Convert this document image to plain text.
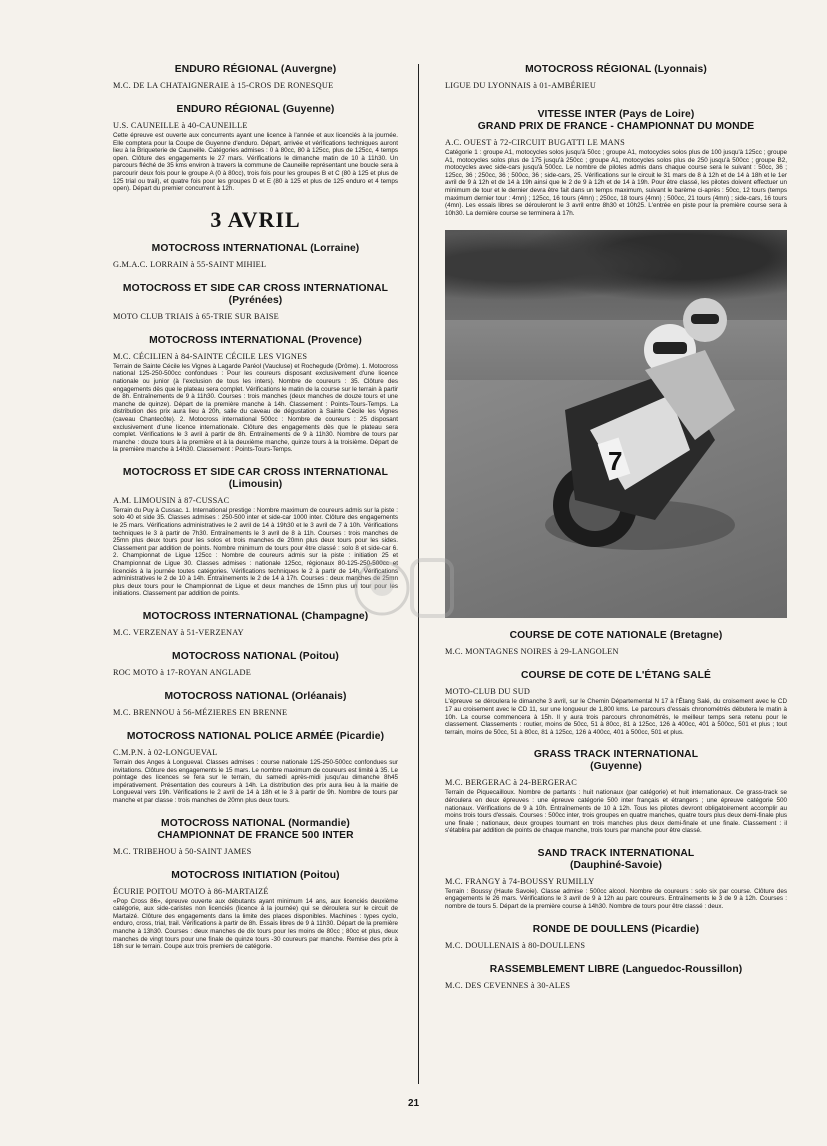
ENDURO RÉGIONAL (Auvergne)

M.C. DE LA CHATAIGNERAIE à 15-CROS DE RONESQUE

ENDURO RÉGIONAL (Guyenne)

U.S. CAUNEILLE à 40-CAUNEILLE

Cette épreuve est ouverte aux concurrents ayant une licence à l'année et aux licenciés à la journée. Elle comptera pour la Coupe de Guyenne d'enduro. Départ, arrivée et vérifications techniques auront lieu à la Briqueterie de Cauneille. Catégories admises : 0 à 80cc, 80 à 125cc, plus de 125cc, 4 temps open. Clôture des engagements le 27 mars. Vérifications le dimanche matin de 10 à 11h30. Un parcours fléché de 35 kms environ à travers la commune de Cauneille représentant une boucle sera à parcourir deux fois pour le groupe A (0 à 80cc), trois fois pour les groupes B et C (80 à 125 et plus de 125 trial ou trail), et quatre fois pour les groupes D et E (80 à 125 et plus de 125 enduro et 4 temps open). Départ du premier concurrent à 12h.

3 AVRIL
MOTOCROSS INTERNATIONAL (Lorraine)

G.M.A.C. LORRAIN à 55-SAINT MIHIEL

MOTOCROSS ET SIDE CAR CROSS INTERNATIONAL
(Pyrénées)

MOTO CLUB TRIAIS à 65-TRIE SUR BAISE

MOTOCROSS INTERNATIONAL (Provence)

M.C. CÉCILIEN à 84-SAINTE CÉCILE LES VIGNES

Terrain de Sainte Cécile les Vignes à Lagarde Paréol (Vaucluse) et Rochegude (Drôme). 1. Motocross national 125-250-500cc confondues : Pour les coureurs disposant exclusivement d'une licence nationale ou junior (à l'exclusion de tous les inters). Nombre de coureurs : 35. Clôture des engagements dès que le plateau sera complet. Vérifications le matin de la course sur le terrain à partir de 8h. Entraînements de 9 à 11h30. Courses : trois manches (deux manches de douze tours et une manche de quinze). Départ de la première manche à 14h. Classement : Points-Tours-Temps. La distribution des prix aura lieu à 20h, salle du caveau de dégustation à Sainte Cécile les Vignes (caveau Chantecôte). 2. Motocross international 500cc : Nombre de coureurs : 25 disposant exclusivement d'une licence internationale. Clôture des engagements dès que le plateau sera complet. Vérifications le 3 avril à partir de 8h. Entraînements de 9 à 11h30. Nombre de tours par manche : douze tours à la première et à la deuxième manche, quinze tours à la troisième. Départ de la première manche à 14h30. Classement : Points-Tours-Temps.

MOTOCROSS ET SIDE CAR CROSS INTERNATIONAL
(Limousin)

A.M. LIMOUSIN à 87-CUSSAC

Terrain du Puy à Cussac. 1. International prestige : Nombre maximum de coureurs admis sur la piste : solo 40 et side 35. Classes admises : 250-500 inter et side-car 1000 inter. Clôture des engagements le 25 mars. Vérifications administratives le 2 avril de 14 à 19h30 et le 3 avril de 7 à 10h. Vérifications techniques le 3 à partir de 7h30. Entraînements le 3 avril de 8 à 11h. Courses : trois manches de 25mn plus deux tours pour les solos et trois manches de 20mn plus deux tours pour les sides. Classement par addition de points. Nombre minimum de tours pour être classé : solo 8 et side-car 6. 2. Championnat de Ligue 125cc : Nombre de coureurs admis sur la piste : initiation 25 et Championnat de Ligue 30. Classes admises : nationale 125cc, régionaux 80-125-250-500cc et licenciés à la journée toutes catégories. Vérifications techniques le 2 à partir de 14h. Vérifications administratives le 2 de 10 à 14h. Entraînements le 2 de 14 à 17h. Courses : deux manches de 25mn plus deux tours pour le Championnat de Ligue et deux manches de 15mn plus un tour pour les initiations. Classement par addition de points.

MOTOCROSS INTERNATIONAL (Champagne)

M.C. VERZENAY à 51-VERZENAY

MOTOCROSS NATIONAL (Poitou)

ROC MOTO à 17-ROYAN ANGLADE

MOTOCROSS NATIONAL (Orléanais)

M.C. BRENNOU à 56-MÉZIERES EN BRENNE

MOTOCROSS NATIONAL POLICE ARMÉE (Picardie)

C.M.P.N. à 02-LONGUEVAL

Terrain des Anges à Longueval. Classes admises : course nationale 125-250-500cc confondues sur invitations. Clôture des engagements le 15 mars. Le nombre maximum de coureurs est limité à 35. Le pointage des licences se fera sur le terrain, du samedi après-midi jusqu'au dimanche 8h45 impérativement. Présentation des coureurs à 14h. La distribution des prix aura lieu à la mairie de Longueval vers 19h. Vérifications le 2 avril de 14 à 18h et le 3 à partir de 9h. Nombre de tours par manche et par classe : trois manches de 20mn plus deux tours.

MOTOCROSS NATIONAL (Normandie)
CHAMPIONNAT DE FRANCE 500 INTER

M.C. TRIBEHOU à 50-SAINT JAMES

MOTOCROSS INITIATION (Poitou)

ÉCURIE POITOU MOTO à 86-MARTAIZÉ

«Pop Cross 86», épreuve ouverte aux débutants ayant minimum 14 ans, aux licenciés deuxième catégorie, aux side-caristes non licenciés (licence à la journée) qui se déroulera sur le circuit de Martaizé. Clôture des engagements dans la limite des places disponibles. Machines : types cyclo, enduro, cross, trial, trail. Vérifications à partir de 8h. Essais libres de 9 à 11h30. Départ de la première manche à 13h30. Courses : deux manches de dix tours pour les moins de 80cc ; 80cc et plus, deux manches de vingt tours pour une finale de quinze tours -30 coureurs par manche. Remise des prix à 18h sur le terrain. Coupe aux trois premiers de catégorie.

MOTOCROSS RÉGIONAL (Lyonnais)

LIGUE DU LYONNAIS à 01-AMBÉRIEU

VITESSE INTER (Pays de Loire)
GRAND PRIX DE FRANCE - CHAMPIONNAT DU MONDE

A.C. OUEST à 72-CIRCUIT BUGATTI LE MANS

Catégorie 1 : groupe A1, motocycles solos jusqu'à 50cc ; groupe A1, motocycles solos plus de 100 jusqu'à 125cc ; groupe A1, motocycles solos plus de 175 jusqu'à 250cc ; groupe A1, motocycles solos plus de 250 jusqu'à 500cc ; groupe B2, motocycles avec side-cars jusqu'à 500cc. Le nombre de pilotes admis dans chaque course sera le suivant : 50cc, 36 ; 125cc, 36 ; 250cc, 36 ; 500cc, 36 ; side-cars, 25. Vérifications sur le circuit le 31 mars de 8 à 12h et de 14 à 18h et le 1er avril de 9 à 12h et de 14 à 19h ainsi que le 2 de 9 à 12h et de 14 à 19h. Pour être classé, les pilotes doivent effectuer un minimum de tour et le dernier devra être fait dans un temps maximum, suivant le barème ci-après : 50cc, 12 tours (temps maximum dernier tour : 4mn) ; 125cc, 16 tours (4mn) ; 250cc, 18 tours (4mn) ; 500cc, 21 tours (4mn) ; side-cars, 16 tours (4mn). Les essais libres se dérouleront le 3 avril entre 8h30 et 10h25. L'entrée en piste pour la première course sera à 10h30. La dernière course se terminera à 17h.

7
COURSE DE COTE NATIONALE (Bretagne)

M.C. MONTAGNES NOIRES à 29-LANGOLEN

COURSE DE COTE DE L'ÉTANG SALÉ

MOTO-CLUB DU SUD

L'épreuve se déroulera le dimanche 3 avril, sur le Chemin Départemental N 17 à l'Étang Salé, du croisement avec le CD 17 au croisement avec le CD 11, sur une longueur de 1,800 kms. Le parcours d'essais chronométrés débutera le matin à 10h. La course commencera à 15h. Il y aura trois parcours chronométrés, le meilleur temps sera retenu pour le classement. Classements : routier, moins de 50cc, 51 à 80cc, 81 à 125cc, 126 à 400cc, 401 à 500cc, 501 et plus ; tout terrain, moins de 50cc, 51 à 80cc, 81 à 125cc, 126 à 400cc, 401 à 500cc, 501 et plus.

GRASS TRACK INTERNATIONAL
(Guyenne)

M.C. BERGERAC à 24-BERGERAC

Terrain de Piquecailloux. Nombre de partants : huit nationaux (par catégorie) et huit internationaux. Ce grass-track se déroulera en deux épreuves : une épreuve catégorie 500 inter français et étrangers ; une épreuve catégorie 500 nationaux. Vérifications de 9 à 10h. Entraînements de 10 à 12h. Tous les pilotes devront obligatoirement accomplir au moins trois tours d'essais. Courses : 500cc inter, trois groupes en quatre manches, quatre tours plus deux demi-finale plus une finale ; nationaux, deux groupes tournant en trois manches plus deux demi-finale et une finale. Classement : il s'établira par addition de points de chaque manche, trois tours par manche pour être classé.

SAND TRACK INTERNATIONAL
(Dauphiné-Savoie)

M.C. FRANGY à 74-BOUSSY RUMILLY

Terrain : Boussy (Haute Savoie). Classe admise : 500cc alcool. Nombre de coureurs : solo six par course. Clôture des engagements le 26 mars. Vérifications le 3 avril de 9 à 12h au parc coureurs. Entraînements le 3 de 9 à 12h. Courses : nombre de tours 5. Départ de la première course à 14h30. Nombre de tours pour être classé : deux.

RONDE DE DOULLENS (Picardie)

M.C. DOULLENAIS à 80-DOULLENS

RASSEMBLEMENT LIBRE (Languedoc-Roussillon)

M.C. DES CEVENNES à 30-ALES

21
